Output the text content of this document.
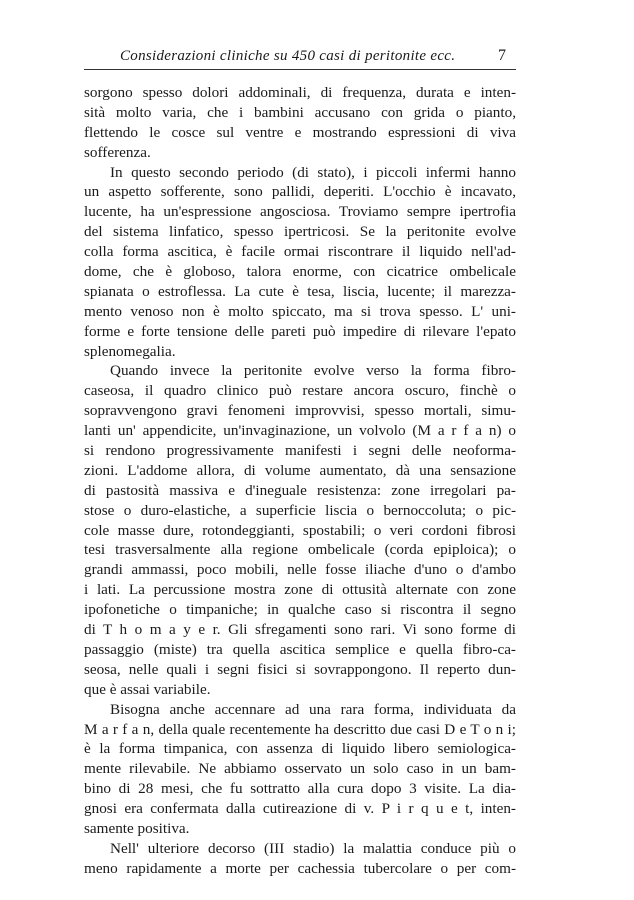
Considerazioni cliniche su 450 casi di peritonite ecc.	7
sorgono spesso dolori addominali, di frequenza, durata e inten-
sità molto varia, che i bambini accusano con grida o pianto,
flettendo le cosce sul ventre e mostrando espressioni di viva
sofferenza.
In questo secondo periodo (di stato), i piccoli infermi hanno
un aspetto sofferente, sono pallidi, deperiti. L'occhio è incavato,
lucente, ha un'espressione angosciosa. Troviamo sempre ipertrofia
del sistema linfatico, spesso ipertricosi. Se la peritonite evolve
colla forma ascitica, è facile ormai riscontrare il liquido nell'ad-
dome, che è globoso, talora enorme, con cicatrice ombelicale
spianata o estroflessa. La cute è tesa, liscia, lucente; il marezza-
mento venoso non è molto spiccato, ma si trova spesso. L' uni-
forme e forte tensione delle pareti può impedire di rilevare l'epato
splenomegalia.
Quando invece la peritonite evolve verso la forma fibro-
caseosa, il quadro clinico può restare ancora oscuro, finchè o
sopravvengono gravi fenomeni improvvisi, spesso mortali, simu-
lanti un' appendicite, un'invaginazione, un volvolo (M a r f a n) o
si rendono progressivamente manifesti i segni delle neoforma-
zioni. L'addome allora, di volume aumentato, dà una sensazione
di pastosità massiva e d'ineguale resistenza: zone irregolari pa-
stose o duro-elastiche, a superficie liscia o bernoccoluta; o pic-
cole masse dure, rotondeggianti, spostabili; o veri cordoni fibrosi
tesi trasversalmente alla regione ombelicale (corda epiploica); o
grandi ammassi, poco mobili, nelle fosse iliache d'uno o d'ambo
i lati. La percussione mostra zone di ottusità alternate con zone
ipofonetiche o timpaniche; in qualche caso si riscontra il segno
di T h o m a y e r. Gli sfregamenti sono rari. Vi sono forme di
passaggio (miste) tra quella ascitica semplice e quella fibro-ca-
seosa, nelle quali i segni fisici si sovrappongono. Il reperto dun-
que è assai variabile.
Bisogna anche accennare ad una rara forma, individuata da
M a r f a n, della quale recentemente ha descritto due casi D e T o n i;
è la forma timpanica, con assenza di liquido libero semiologica-
mente rilevabile. Ne abbiamo osservato un solo caso in un bam-
bino di 28 mesi, che fu sottratto alla cura dopo 3 visite. La dia-
gnosi era confermata dalla cutireazione di v. P i r q u e t, inten-
samente positiva.
Nell' ulteriore decorso (III stadio) la malattia conduce più o
meno rapidamente a morte per cachessia tubercolare o per com-
